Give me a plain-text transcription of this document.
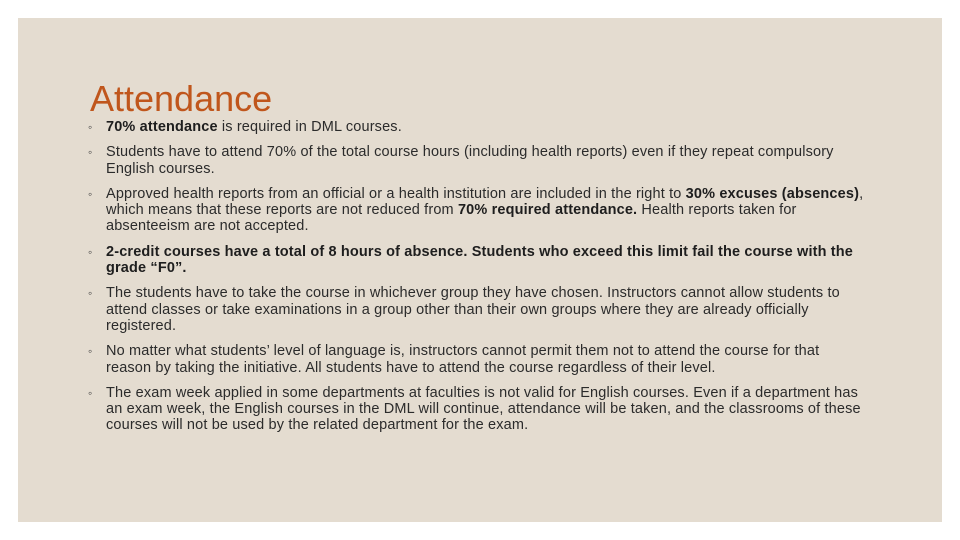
Attendance
◦ 70% attendance is required in DML courses.
◦ Students have to attend 70% of the total course hours (including health reports) even if they repeat compulsory English courses.
◦ Approved health reports from an official or a health institution are included in the right to 30% excuses (absences), which means that these reports are not reduced from 70% required attendance. Health reports taken for absenteeism are not accepted.
◦ 2-credit courses have a total of 8 hours of absence. Students who exceed this limit fail the course with the grade “F0”.
◦ The students have to take the course in whichever group they have chosen. Instructors cannot allow students to attend classes or take examinations in a group other than their own groups where they are already officially registered.
◦ No matter what students’ level of language is, instructors cannot permit them not to attend the course for that reason by taking the initiative. All students have to attend the course regardless of their level.
◦ The exam week applied in some departments at faculties is not valid for English courses. Even if a department has an exam week, the English courses in the DML will continue, attendance will be taken, and the classrooms of these courses will not be used by the related department for the exam.
